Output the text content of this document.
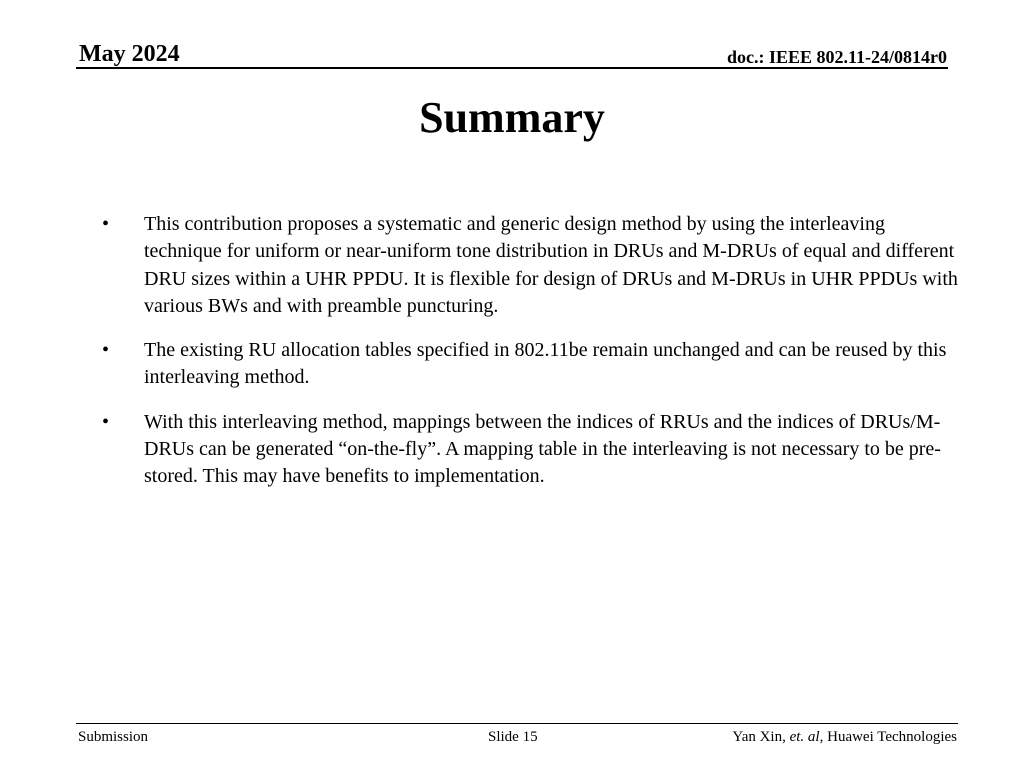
May 2024	doc.: IEEE 802.11-24/0814r0
Summary
•	This contribution proposes a systematic and generic design method by using the interleaving technique for uniform or near-uniform tone distribution in DRUs and M-DRUs of equal and different DRU sizes within a UHR PPDU. It is flexible for design of DRUs and M-DRUs in UHR PPDUs with various BWs and with preamble puncturing.
•	The existing RU allocation tables specified in 802.11be remain unchanged and can be reused by this interleaving method.
•	With this interleaving method, mappings between the indices of RRUs and the indices of DRUs/M-DRUs can be generated “on-the-fly”. A mapping table in the interleaving is not necessary to be pre-stored. This may have benefits to implementation.
Submission	Slide 15	Yan Xin, et. al, Huawei Technologies
